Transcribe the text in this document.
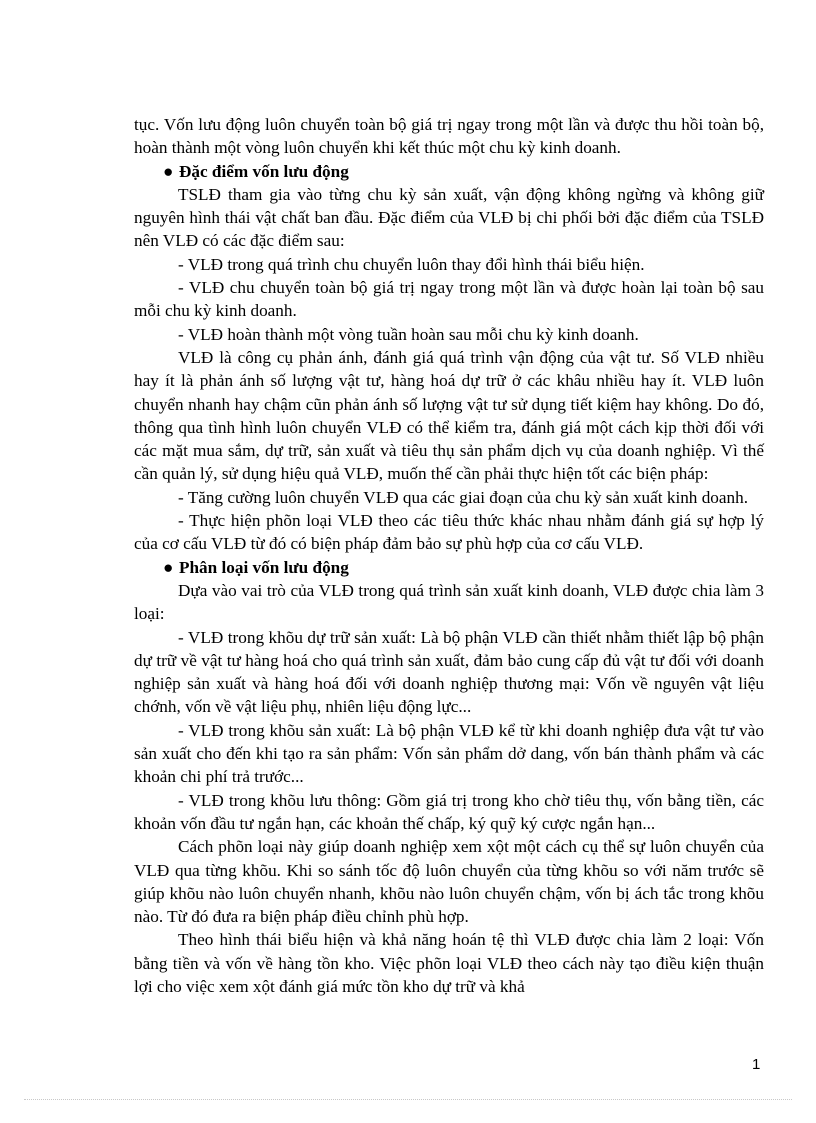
tục. Vốn lưu động luôn chuyển toàn bộ giá trị ngay trong một lần và được thu hồi toàn bộ, hoàn thành một vòng luôn chuyển khi kết thúc một chu kỳ kinh doanh.

● Đặc điểm vốn lưu động

TSLĐ tham gia vào từng chu kỳ sản xuất, vận động không ngừng và không giữ nguyên hình thái vật chất ban đầu. Đặc điểm của VLĐ bị chi phối bởi đặc điểm của TSLĐ nên VLĐ có các đặc điểm sau:

- VLĐ trong quá trình chu chuyển luôn thay đổi hình thái biểu hiện.

- VLĐ chu chuyển toàn bộ giá trị ngay trong một lần và được hoàn lại toàn bộ sau mỗi chu kỳ kinh doanh.

- VLĐ hoàn thành một vòng tuần hoàn sau mỗi chu kỳ kinh doanh.

VLĐ là công cụ phản ánh, đánh giá quá trình vận động của vật tư. Số VLĐ nhiều hay ít là phản ánh số lượng vật tư, hàng hoá dự trữ ở các khâu nhiều hay ít. VLĐ luôn chuyển nhanh hay chậm cũn phản ánh số lượng vật tư sử dụng tiết kiệm hay không. Do đó, thông qua tình hình luôn chuyển VLĐ có thể kiểm tra, đánh giá một cách kịp thời đối với các mặt mua sắm, dự trữ, sản xuất và tiêu thụ sản phẩm dịch vụ của doanh nghiệp. Vì thế cần quản lý, sử dụng hiệu quả VLĐ, muốn thế cần phải thực hiện tốt các biện pháp:

- Tăng cường luôn chuyển VLĐ qua các giai đoạn của chu kỳ sản xuất kinh doanh.

- Thực hiện phõn loại VLĐ theo các tiêu thức khác nhau nhằm đánh giá sự hợp lý của cơ cấu VLĐ từ đó có biện pháp đảm bảo sự phù hợp của cơ cấu VLĐ.

● Phân loại vốn lưu động

Dựa vào vai trò của VLĐ trong quá trình sản xuất kinh doanh, VLĐ được chia làm 3 loại:

- VLĐ trong khõu dự trữ sản xuất: Là bộ phận VLĐ cần thiết nhằm thiết lập bộ phận dự trữ về vật tư hàng hoá cho quá trình sản xuất, đảm bảo cung cấp đủ vật tư đối với doanh nghiệp sản xuất và hàng hoá đối với doanh nghiệp thương mại: Vốn về nguyên vật liệu chớnh, vốn về vật liệu phụ, nhiên liệu động lực...

- VLĐ trong khõu sản xuất: Là bộ phận VLĐ kể từ khi doanh nghiệp đưa vật tư vào sản xuất cho đến khi tạo ra sản phẩm: Vốn sản phẩm dở dang, vốn bán thành phẩm và các khoản chi phí trả trước...

- VLĐ trong khõu lưu thông: Gồm giá trị trong kho chờ tiêu thụ, vốn bằng tiền, các khoản vốn đầu tư ngắn hạn, các khoản thế chấp, ký quỹ ký cược ngắn hạn...

Cách phõn loại này giúp doanh nghiệp xem xột một cách cụ thể sự luôn chuyển của VLĐ qua từng khõu. Khi so sánh tốc độ luôn chuyển của từng khõu so với năm trước sẽ giúp khõu nào luôn chuyển nhanh, khõu nào luôn chuyển chậm, vốn bị ách tắc trong khõu nào. Từ đó đưa ra biện pháp điều chỉnh phù hợp.

Theo hình thái biểu hiện và khả năng hoán tệ thì VLĐ được chia làm 2 loại: Vốn bằng tiền và vốn về hàng tồn kho. Việc phõn loại VLĐ theo cách này tạo điều kiện thuận lợi cho việc xem xột đánh giá mức tồn kho dự trữ và khả

1
